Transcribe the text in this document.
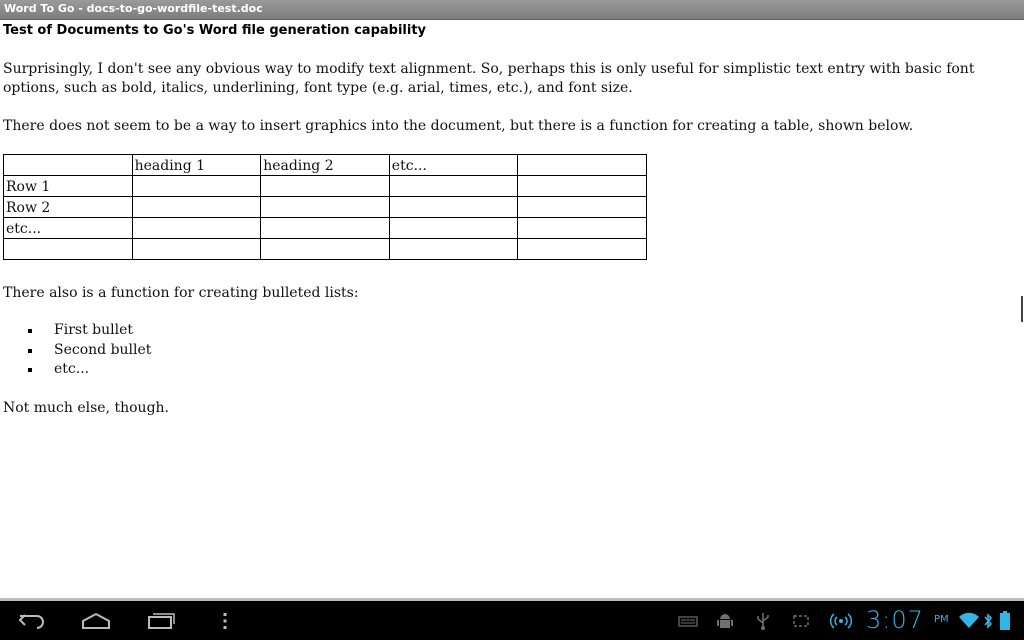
Word To Go - docs-to-go-wordfile-test.doc
Test of Documents to Go's Word file generation capability

Surprisingly, I don't see any obvious way to modify text alignment. So, perhaps this is only useful for simplistic text entry with basic font options, such as bold, italics, underlining, font type (e.g. arial, times, etc.), and font size.

There does not seem to be a way to insert graphics into the document, but there is a function for creating a table, shown below.

	heading 1	heading 2	etc...	
Row 1				
Row 2				
etc...				

There also is a function for creating bulleted lists:

First bullet
Second bullet
etc...

Not much else, though.

3:07 PM
